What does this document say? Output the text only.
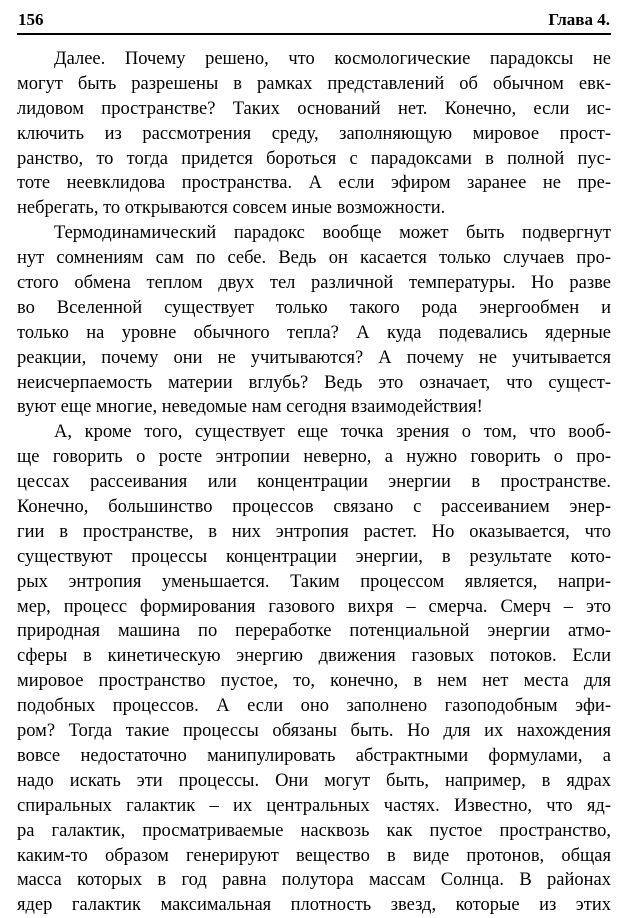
156	Глава 4.
Далее. Почему решено, что космологические парадоксы не
могут быть разрешены в рамках представлений об обычном евк-
лидовом пространстве? Таких оснований нет. Конечно, если ис-
ключить из рассмотрения среду, заполняющую мировое прост-
ранство, то тогда придется бороться с парадоксами в полной пус-
тоте неевклидова пространства. А если эфиром заранее не пре-
небрегать, то открываются совсем иные возможности.
Термодинамический парадокс вообще может быть подвергнут
нут сомнениям сам по себе. Ведь он касается только случаев про-
стого обмена теплом двух тел различной температуры. Но разве
во Вселенной существует только такого рода энергообмен и
только на уровне обычного тепла? А куда подевались ядерные
реакции, почему они не учитываются? А почему не учитывается
неисчерпаемость материи вглубь? Ведь это означает, что сущест-
вуют еще многие, неведомые нам сегодня взаимодействия!
А, кроме того, существует еще точка зрения о том, что вооб-
ще говорить о росте энтропии неверно, а нужно говорить о про-
цессах рассеивания или концентрации энергии в пространстве.
Конечно, большинство процессов связано с рассеиванием энер-
гии в пространстве, в них энтропия растет. Но оказывается, что
существуют процессы концентрации энергии, в результате кото-
рых энтропия уменьшается. Таким процессом является, напри-
мер, процесс формирования газового вихря – смерча. Смерч – это
природная машина по переработке потенциальной энергии атмо-
сферы в кинетическую энергию движения газовых потоков. Если
мировое пространство пустое, то, конечно, в нем нет места для
подобных процессов. А если оно заполнено газоподобным эфи-
ром? Тогда такие процессы обязаны быть. Но для их нахождения
вовсе недостаточно манипулировать абстрактными формулами, а
надо искать эти процессы. Они могут быть, например, в ядрах
спиральных галактик – их центральных частях. Известно, что яд-
ра галактик, просматриваемые насквозь как пустое пространство,
каким-то образом генерируют вещество в виде протонов, общая
масса которых в год равна полутора массам Солнца. В районах
ядер галактик максимальная плотность звезд, которые из этих
